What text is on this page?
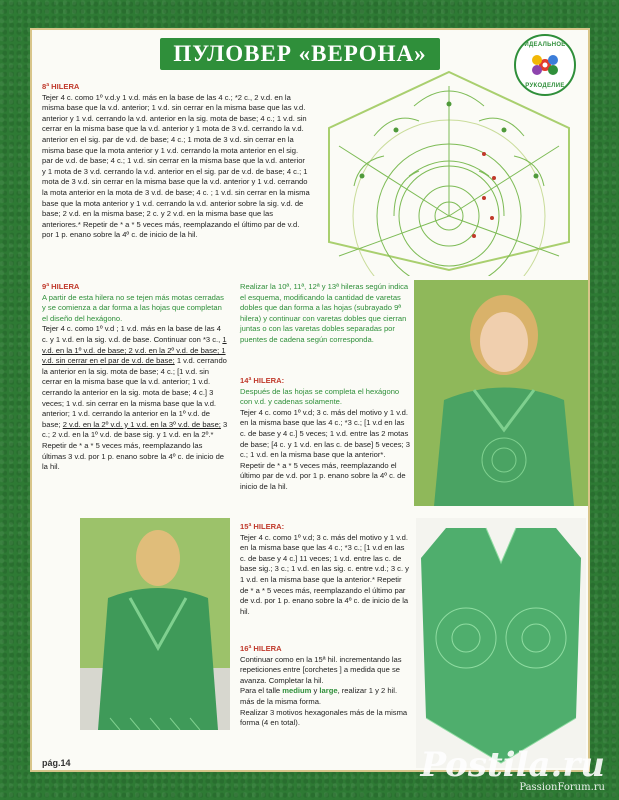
ПУЛОВЕР «ВЕРОНА»	ИДЕАЛЬНОЕ
РУКОДЕЛИЕ

8ª HILERA

Tejer 4 c. como 1º v.d.y 1 v.d. más en la base de las 4 c.; *2 c., 2 v.d. en la misma base que la v.d. anterior; 1 v.d. sin cerrar en la misma base que las v.d. anterior y 1 v.d. cerrando la v.d. anterior en la sig. mota de base; 4 c.; 1 v.d. sin cerrar en la misma base que la v.d. anterior y 1 mota de 3 v.d. cerrando la v.d. anterior en el sig. par de v.d. de base; 4 c.; 1 mota de 3 v.d. sin cerrar en la misma base que la mota anterior y 1 v.d. cerrando la mota anterior en el sig. par de v.d. de base; 4 c.; 1 v.d. sin cerrar en la misma base que la v.d. anterior y 1 mota de 3 v.d. cerrando la v.d. anterior en el sig. par de v.d. de base; 4 c.; 1 mota de 3 v.d. sin cerrar en la misma base que la v.d. anterior y 1 v.d. cerrando la mota anterior en la mota de 3 v.d. de base; 4 c. ; 1 v.d. sin cerrar en la misma base que la mota anterior y 1 v.d. cerrando la v.d. anterior sobre la sig. v.d. de base; 2 v.d. en la misma base; 2 c. y 2 v.d. en la misma base que las anteriores.* Repetir de * a * 5 veces más, reemplazando el último par de v.d. por 1 p. enano sobre la 4º c. de inicio de la hil.

9ª HILERA

A partir de esta hilera no se tejen más motas cerradas y se comienza a dar forma a las hojas que completan el diseño del hexágono.

Tejer 4 c. como 1º v.d ; 1 v.d. más en la base de las 4 c. y 1 v.d. en la sig. v.d. de base. Continuar con *3 c., 1 v.d. en la 1º v.d. de base; 2 v.d. en la 2º v.d. de base; 1 v.d. sin cerrar en el par de v.d. de base; 1 v.d. cerrando la anterior en la sig. mota de base; 4 c.; [1 v.d. sin cerrar en la misma base que la v.d. anterior; 1 v.d. cerrando la anterior en la sig. mota de base; 4 c.] 3 veces; 1 v.d. sin cerrar en la misma base que la v.d. anterior; 1 v.d. cerrando la anterior en la 1º v.d. de base; 2 v.d. en la 2º v.d. y 1 v.d. en la 3º v.d. de base; 3 c.; 2 v.d. en la 1º v.d. de base sig. y 1 v.d. en la 2º.* Repetir de * a * 5 veces más, reemplazando las últimas 3 v.d. por 1 p. enano sobre la 4º c. de inicio de la hil.

Realizar la 10ª, 11ª, 12ª y 13ª hileras según indica el esquema, modificando la cantidad de varetas dobles que dan forma a las hojas (subrayado 9ª hilera) y continuar con varetas dobles que cierran juntas o con las varetas dobles separadas por puentes de cadena según corresponda.

14ª HILERA:

Después de las hojas se completa el hexágono con v.d. y cadenas solamente.

Tejer 4 c. como 1º v.d; 3 c. más del motivo y 1 v.d. en la misma base que las 4 c.; *3 c.; [1 v.d en las c. de base y 4 c.] 5 veces; 1 v.d. entre las 2 motas de base; [4 c. y 1 v.d. en las c. de base] 5 veces; 3 c.; 1 v.d. en la misma base que la anterior*. Repetir de * a * 5 veces más, reemplazando el último par de v.d. por 1 p. enano sobre la 4º c. de inicio de la hil.

15ª HILERA:

Tejer 4 c. como 1º v.d; 3 c. más del motivo y 1 v.d. en la misma base que las 4 c.; *3 c.; [1 v.d en las c. de base y 4 c.] 11 veces; 1 v.d. entre las c. de base sig.; 3 c.; 1 v.d. en las sig. c. entre v.d.; 3 c. y 1 v.d. en la misma base que la anterior.* Repetir de * a * 5 veces más, reemplazando el último par de v.d. por 1 p. enano sobre la 4º c. de inicio de la hil.

16ª HILERA

Continuar como en la 15ª hil. incrementando las repeticiones entre [corchetes ] a medida que se avanza. Completar la hil.

Para el talle medium y large, realizar 1 y 2 hil. más de la misma forma.

Realizar 3 motivos hexagonales más de la misma forma (4 en total).

pág.14	Postila.ru
PassionForum.ru
